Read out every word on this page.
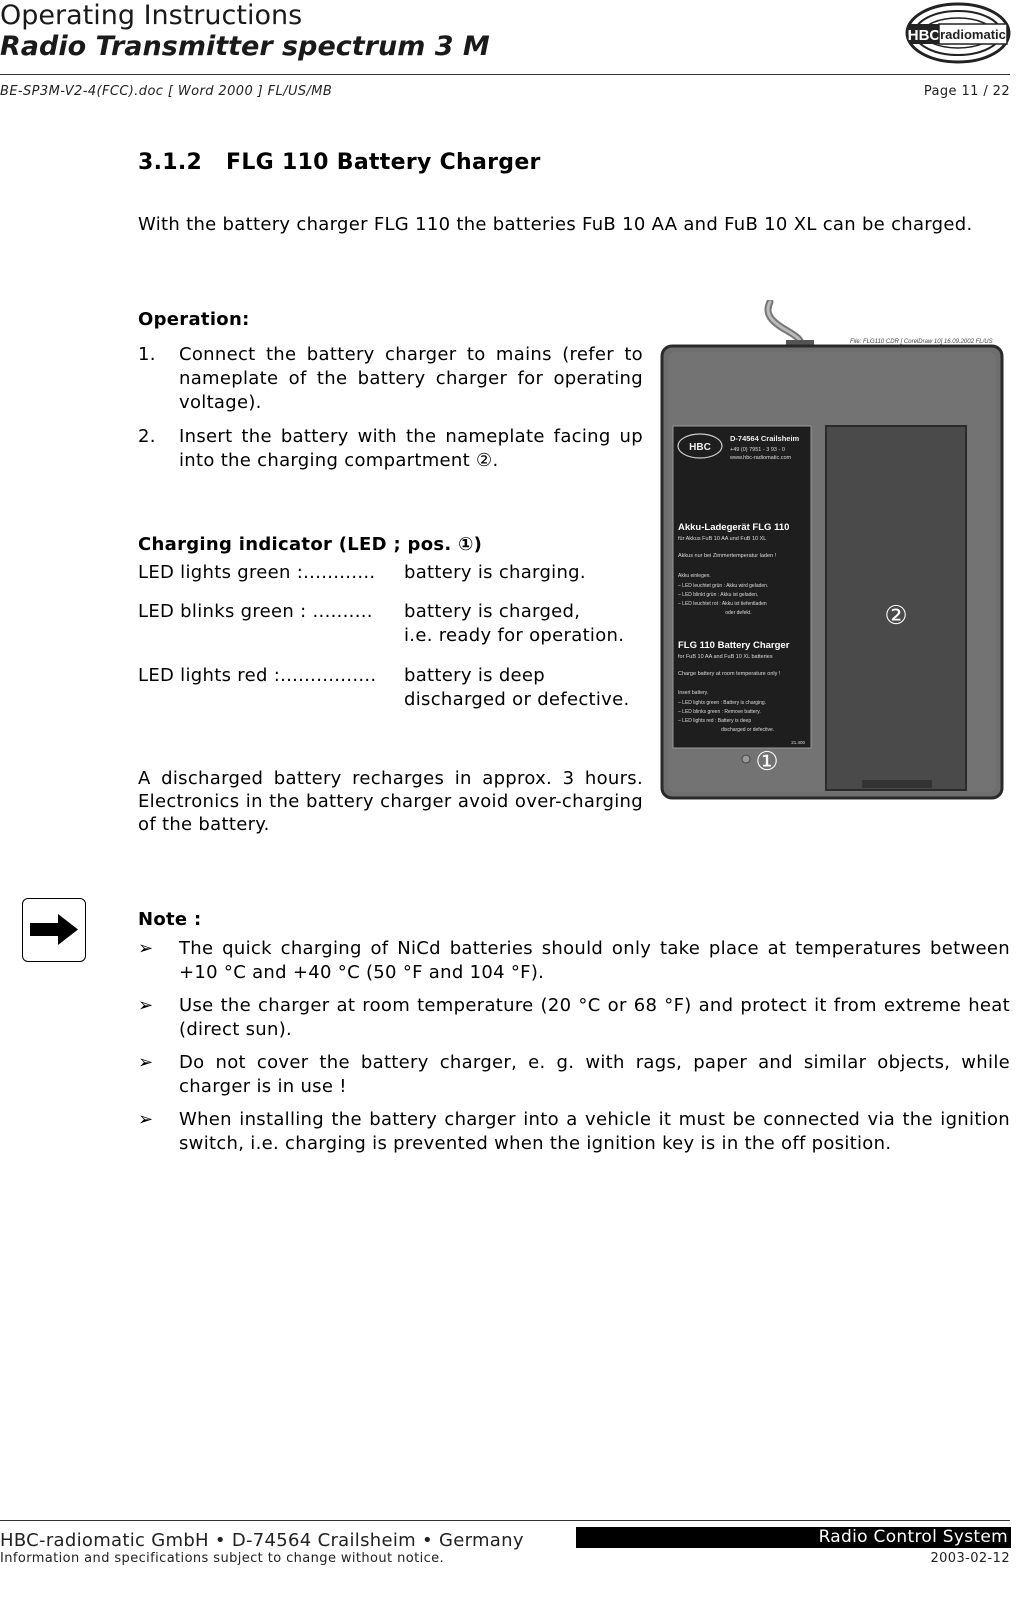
Operating Instructions
Radio Transmitter spectrum 3 M	HBC radiomatic
BE-SP3M-V2-4(FCC).doc [ Word 2000 ] FL/US/MB	Page 11 / 22
3.1.2 FLG 110 Battery Charger
With the battery charger FLG 110 the batteries FuB 10 AA and FuB 10 XL can be charged.
Operation:
1. Connect the battery charger to mains (refer to nameplate of the battery charger for operating voltage).
2. Insert the battery with the nameplate facing up into the charging compartment ②.
Charging indicator (LED ; pos. ①)
LED lights green :............ battery is charging.
LED blinks green : .......... battery is charged,
i.e. ready for operation.
LED lights red :................ battery is deep
discharged or defective.
A discharged battery recharges in approx. 3 hours. Electronics in the battery charger avoid over-charging of the battery.
File: FLG110 CDR [ CorelDraw 10] 16.09.2002 FL/US
HBC
D-74564 Crailsheim
+49 (0) 7951 - 3 93 - 0
www.hbc-radiomatic.com
Akku-Ladegerät FLG 110
für Akkus FuB 10 AA und FuB 10 XL
Akkus nur bei Zimmertemperatur laden !
Akku einlegen.
– LED leuchtet grün : Akku wird geladen.
– LED blinkt grün : Akku ist geladen.
– LED leuchtet rot : Akku ist tiefentladen
oder defekt.
FLG 110 Battery Charger
for FuB 10 AA and FuB 10 XL batteries
Charge battery at room temperature only !
Insert battery.
– LED lights green : Battery is charging.
– LED blinks green : Remove battery.
– LED lights red : Battery is deep
discharged or defective.
21.400
①
②
Note :
➢ The quick charging of NiCd batteries should only take place at temperatures between +10 °C and +40 °C (50 °F and 104 °F).
➢ Use the charger at room temperature (20 °C or 68 °F) and protect it from extreme heat (direct sun).
➢ Do not cover the battery charger, e. g. with rags, paper and similar objects, while charger is in use !
➢ When installing the battery charger into a vehicle it must be connected via the ignition switch, i.e. charging is prevented when the ignition key is in the off position.
HBC-radiomatic GmbH • D-74564 Crailsheim • Germany
Information and specifications subject to change without notice.
Radio Control System
2003-02-12
